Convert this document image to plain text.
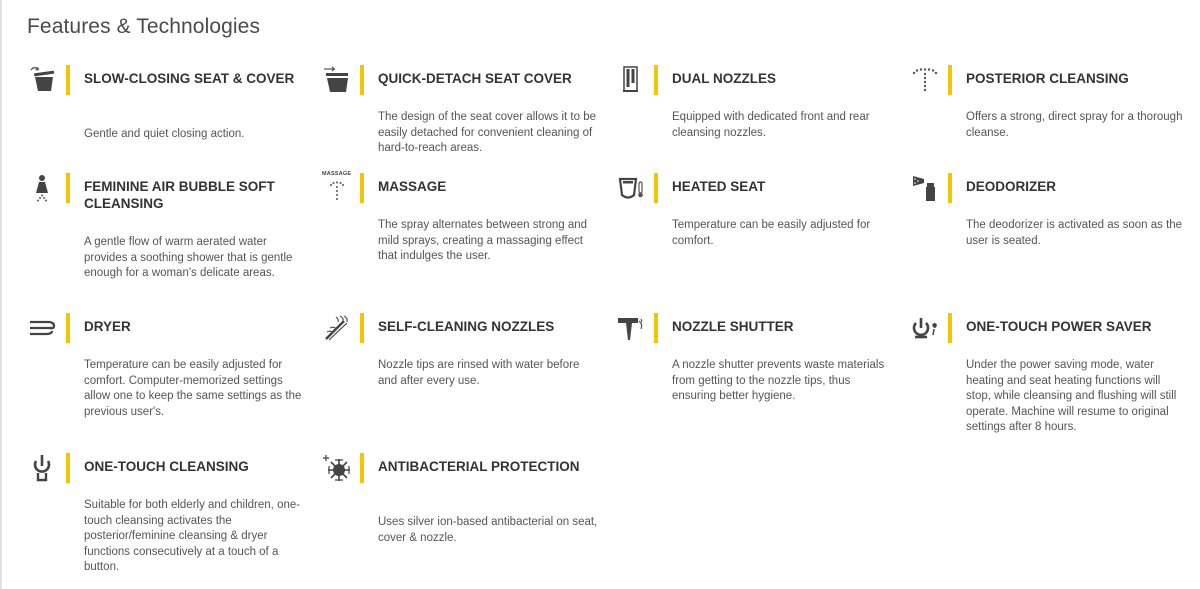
Features & Technologies
SLOW-CLOSING SEAT & COVER

Gentle and quiet closing action.

QUICK-DETACH SEAT COVER

The design of the seat cover allows it to be easily detached for convenient cleaning of hard-to-reach areas.

DUAL NOZZLES

Equipped with dedicated front and rear cleansing nozzles.

POSTERIOR CLEANSING

Offers a strong, direct spray for a thorough cleanse.

FEMININE AIR BUBBLE SOFT CLEANSING

A gentle flow of warm aerated water provides a soothing shower that is gentle enough for a woman's delicate areas.

MASSAGE
MASSAGE

The spray alternates between strong and mild sprays, creating a massaging effect that indulges the user.

HEATED SEAT

Temperature can be easily adjusted for comfort.

DEODORIZER

The deodorizer is activated as soon as the user is seated.

DRYER

Temperature can be easily adjusted for comfort. Computer-memorized settings allow one to keep the same settings as the previous user's.

SELF-CLEANING NOZZLES

Nozzle tips are rinsed with water before and after every use.

NOZZLE SHUTTER

A nozzle shutter prevents waste materials from getting to the nozzle tips, thus ensuring better hygiene.

ONE-TOUCH POWER SAVER

Under the power saving mode, water heating and seat heating functions will stop, while cleansing and flushing will still operate. Machine will resume to original settings after 8 hours.

ONE-TOUCH CLEANSING

Suitable for both elderly and children, one-touch cleansing activates the posterior/feminine cleansing & dryer functions consecutively at a touch of a button.

ANTIBACTERIAL PROTECTION

Uses silver ion-based antibacterial on seat, cover & nozzle.
